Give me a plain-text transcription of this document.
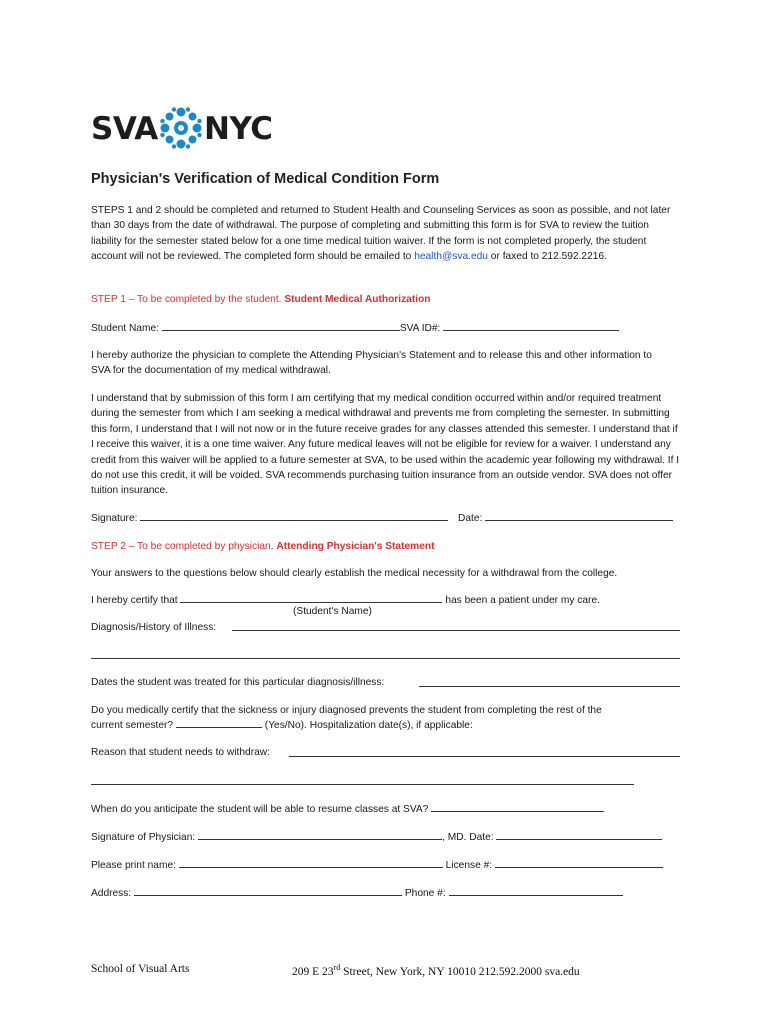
SVA NYC
Physician's Verification of Medical Condition Form
STEPS 1 and 2 should be completed and returned to Student Health and Counseling Services as soon as possible, and not later than 30 days from the date of withdrawal. The purpose of completing and submitting this form is for SVA to review the tuition liability for the semester stated below for a one time medical tuition waiver. If the form is not completed properly, the student account will not be reviewed. The completed form should be emailed to health@sva.edu or faxed to 212.592.2216.
STEP 1 – To be completed by the student. Student Medical Authorization
Student Name:	SVA ID#:
I hereby authorize the physician to complete the Attending Physician's Statement and to release this and other information to SVA for the documentation of my medical withdrawal.
I understand that by submission of this form I am certifying that my medical condition occurred within and/or required treatment during the semester from which I am seeking a medical withdrawal and prevents me from completing the semester. In submitting this form, I understand that I will not now or in the future receive grades for any classes attended this semester. I understand that if I receive this waiver, it is a one time waiver. Any future medical leaves will not be eligible for review for a waiver. I understand any credit from this waiver will be applied to a future semester at SVA, to be used within the academic year following my withdrawal. If I do not use this credit, it will be voided. SVA recommends purchasing tuition insurance from an outside vendor. SVA does not offer tuition insurance.
Signature:	Date:
STEP 2 – To be completed by physician. Attending Physician's Statement
Your answers to the questions below should clearly establish the medical necessity for a withdrawal from the college.
I hereby certify that	has been a patient under my care.
(Student's Name)
Diagnosis/History of Illness:
Dates the student was treated for this particular diagnosis/illness:
Do you medically certify that the sickness or injury diagnosed prevents the student from completing the rest of the
current semester?	(Yes/No). Hospitalization date(s), if applicable:
Reason that student needs to withdraw:
When do you anticipate the student will be able to resume classes at SVA?
Signature of Physician:	, MD. Date:
Please print name:	License #:
Address:	Phone #:
School of Visual Arts	209 E 23rd Street, New York, NY 10010 212.592.2000 sva.edu
